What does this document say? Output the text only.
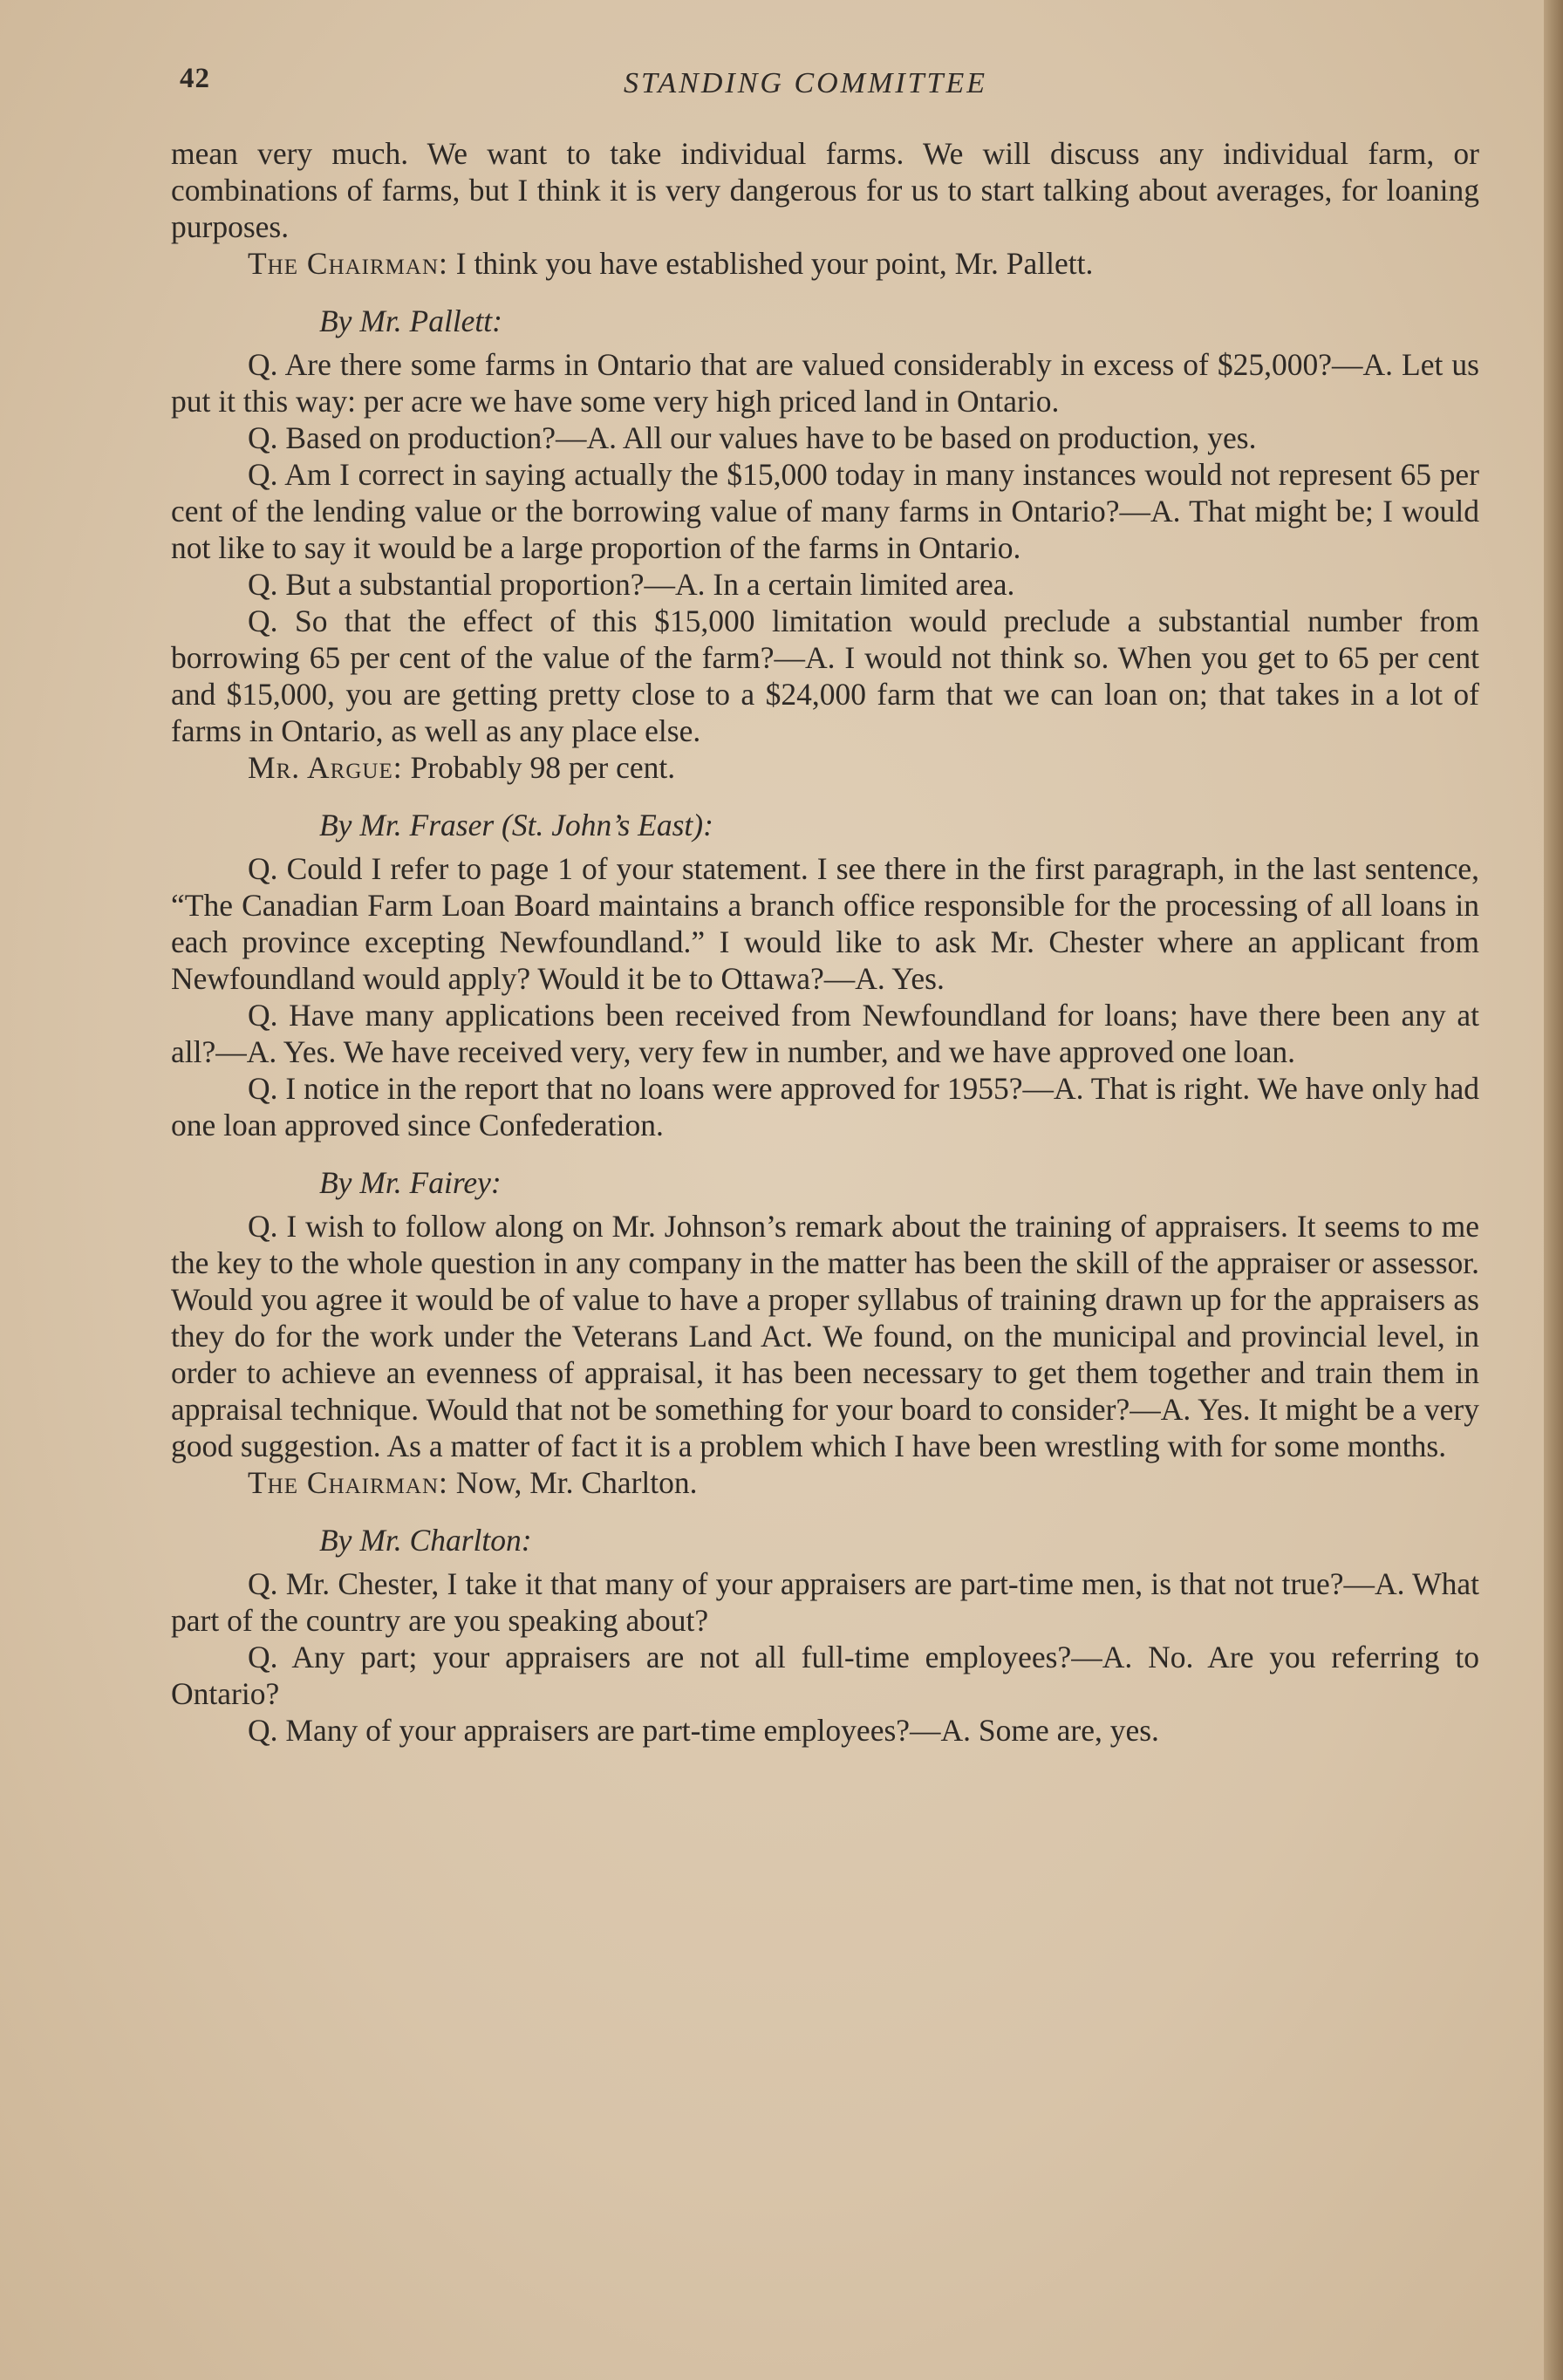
42	STANDING COMMITTEE

mean very much. We want to take individual farms. We will discuss any individual farm, or combinations of farms, but I think it is very dangerous for us to start talking about averages, for loaning purposes.

The Chairman: I think you have established your point, Mr. Pallett.

By Mr. Pallett:

Q. Are there some farms in Ontario that are valued considerably in excess of $25,000?—A. Let us put it this way: per acre we have some very high priced land in Ontario.

Q. Based on production?—A. All our values have to be based on production, yes.

Q. Am I correct in saying actually the $15,000 today in many instances would not represent 65 per cent of the lending value or the borrowing value of many farms in Ontario?—A. That might be; I would not like to say it would be a large proportion of the farms in Ontario.

Q. But a substantial proportion?—A. In a certain limited area.

Q. So that the effect of this $15,000 limitation would preclude a substantial number from borrowing 65 per cent of the value of the farm?—A. I would not think so. When you get to 65 per cent and $15,000, you are getting pretty close to a $24,000 farm that we can loan on; that takes in a lot of farms in Ontario, as well as any place else.

Mr. Argue: Probably 98 per cent.

By Mr. Fraser (St. John’s East):

Q. Could I refer to page 1 of your statement. I see there in the first paragraph, in the last sentence, “The Canadian Farm Loan Board maintains a branch office responsible for the processing of all loans in each province excepting Newfoundland.” I would like to ask Mr. Chester where an applicant from Newfoundland would apply? Would it be to Ottawa?—A. Yes.

Q. Have many applications been received from Newfoundland for loans; have there been any at all?—A. Yes. We have received very, very few in number, and we have approved one loan.

Q. I notice in the report that no loans were approved for 1955?—A. That is right. We have only had one loan approved since Confederation.

By Mr. Fairey:

Q. I wish to follow along on Mr. Johnson’s remark about the training of appraisers. It seems to me the key to the whole question in any company in the matter has been the skill of the appraiser or assessor. Would you agree it would be of value to have a proper syllabus of training drawn up for the appraisers as they do for the work under the Veterans Land Act. We found, on the municipal and provincial level, in order to achieve an evenness of appraisal, it has been necessary to get them together and train them in appraisal technique. Would that not be something for your board to consider?—A. Yes. It might be a very good suggestion. As a matter of fact it is a problem which I have been wrestling with for some months.

The Chairman: Now, Mr. Charlton.

By Mr. Charlton:

Q. Mr. Chester, I take it that many of your appraisers are part-time men, is that not true?—A. What part of the country are you speaking about?

Q. Any part; your appraisers are not all full-time employees?—A. No. Are you referring to Ontario?

Q. Many of your appraisers are part-time employees?—A. Some are, yes.
